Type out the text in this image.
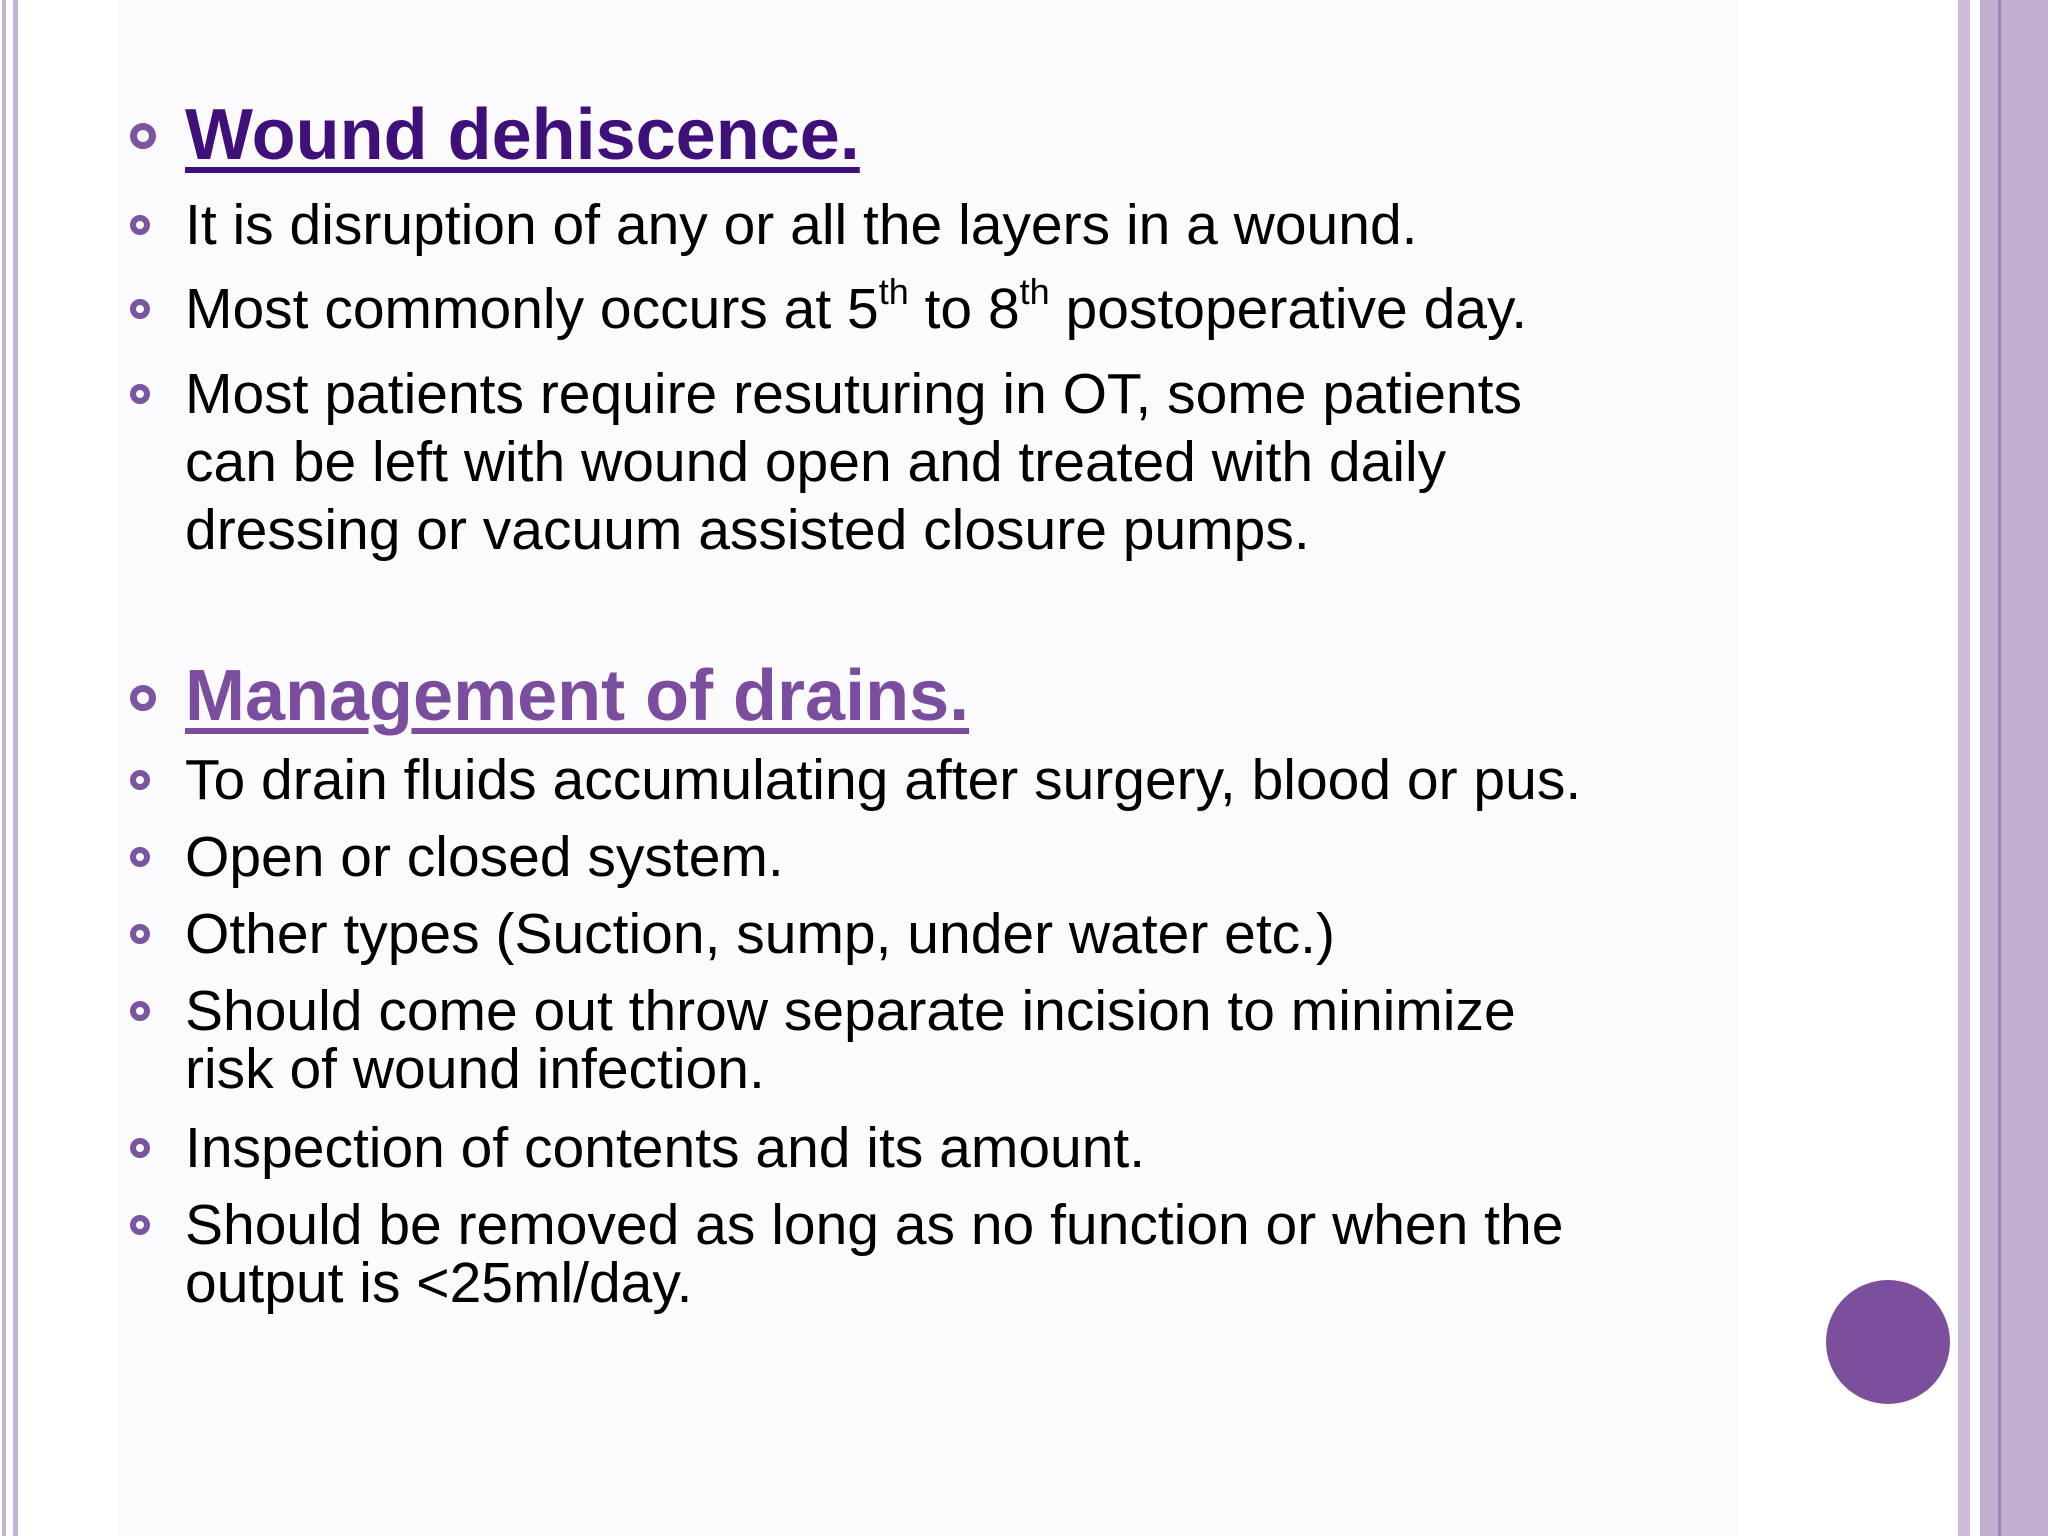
Wound dehiscence.
It is disruption of any or all the layers in a wound.
Most commonly occurs at 5th to 8th postoperative day.
Most patients require resuturing in OT, some patients
can be left with wound open and treated with daily
dressing or vacuum assisted closure pumps.
Management of drains.
To drain fluids accumulating after surgery, blood or pus.
Open or closed system.
Other types (Suction, sump, under water etc.)
Should come out throw separate incision to minimize
risk of wound infection.
Inspection of contents and its amount.
Should be removed as long as no function or when the
output is <25ml/day.
